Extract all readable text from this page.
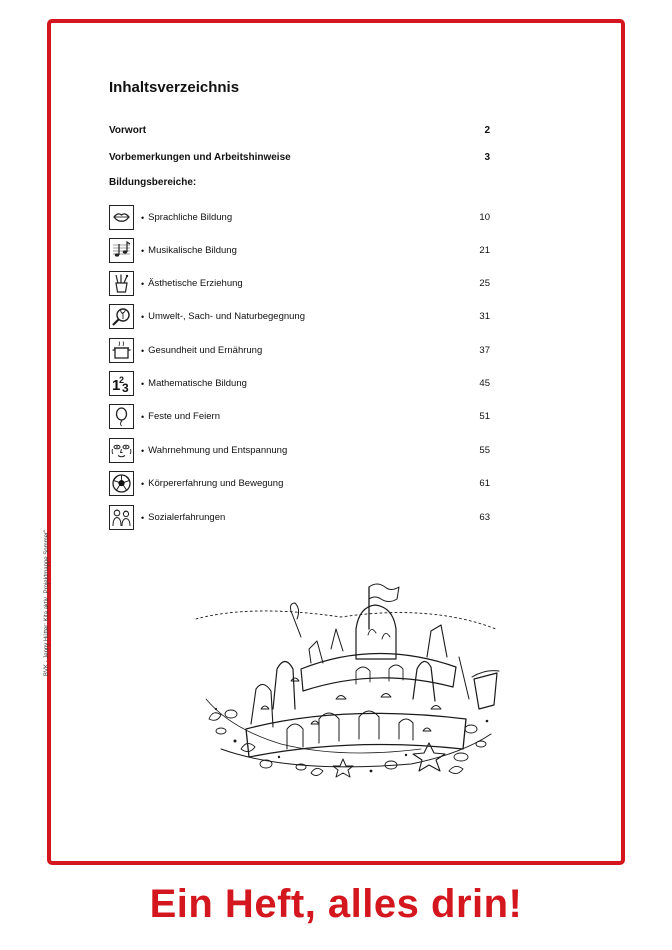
Inhaltsverzeichnis
Vorwort	2
Vorbemerkungen und Arbeitshinweise	3
Bildungsbereiche:
• Sprachliche Bildung	10
• Musikalische Bildung	21
• Ästhetische Erziehung	25
• Umwelt-, Sach- und Naturbegegnung	31
• Gesundheit und Ernährung	37
1
2
3 • Mathematische Bildung	45
• Feste und Feiern	51
• Wahrnehmung und Entspannung	55
• Körpererfahrung und Bewegung	61
• Sozialerfahrungen	63
BVK - Jenny Hütter: Kita aktiv „Projektmappe Sommer"
Ein Heft, alles drin!
